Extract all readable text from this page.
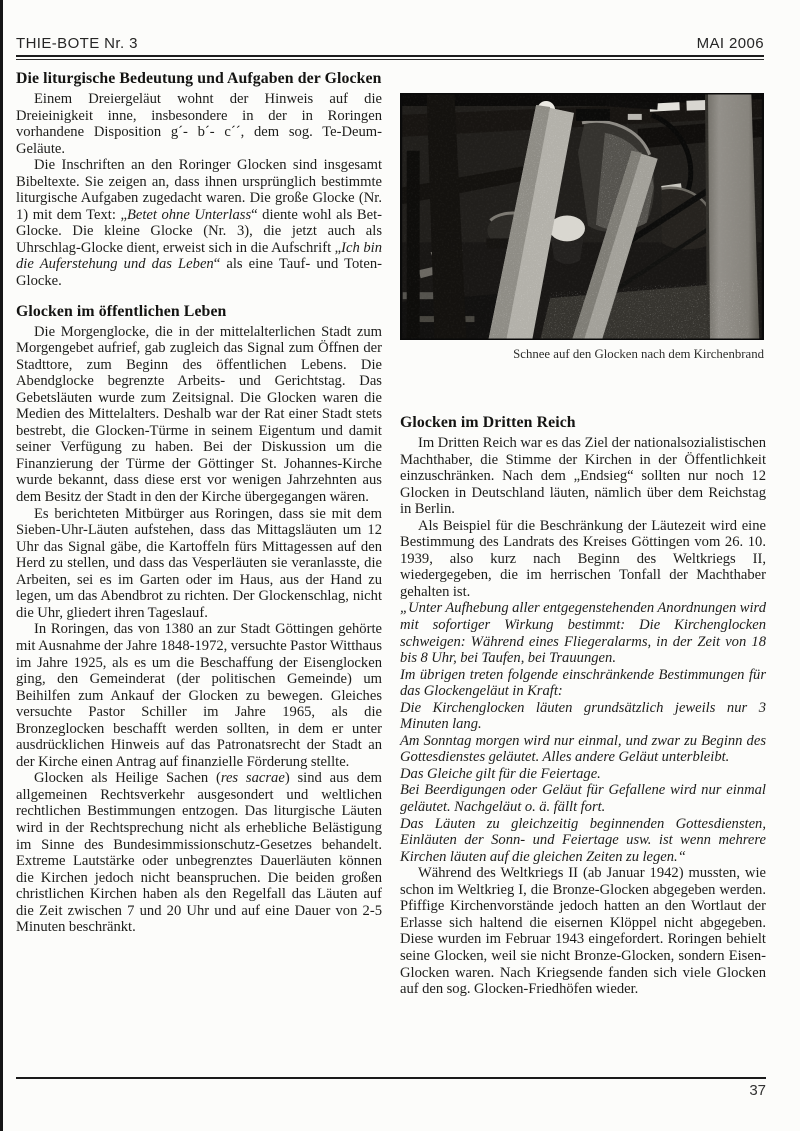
THIE-BOTE Nr. 3	MAI 2006
Die liturgische Bedeutung und Aufgaben der Glocken

Einem Dreiergeläut wohnt der Hinweis auf die Dreieinigkeit inne, insbesondere in der in Roringen vorhandene Disposition g´- b´- c´´, dem sog. Te-Deum-Geläute.

Die Inschriften an den Roringer Glocken sind insgesamt Bibeltexte. Sie zeigen an, dass ihnen ursprünglich bestimmte liturgische Aufgaben zugedacht waren. Die große Glocke (Nr. 1) mit dem Text: „Betet ohne Unterlass“ diente wohl als Bet-Glocke. Die kleine Glocke (Nr. 3), die jetzt auch als Uhrschlag-Glocke dient, erweist sich in die Aufschrift „Ich bin die Auferstehung und das Leben“ als eine Tauf- und Toten-Glocke.

Glocken im öffentlichen Leben

Die Morgenglocke, die in der mittelalterlichen Stadt zum Morgengebet aufrief, gab zugleich das Signal zum Öffnen der Stadttore, zum Beginn des öffentlichen Lebens. Die Abendglocke begrenzte Arbeits- und Gerichtstag. Das Gebetsläuten wurde zum Zeitsignal. Die Glocken waren die Medien des Mittelalters. Deshalb war der Rat einer Stadt stets bestrebt, die Glocken-Türme in seinem Eigentum und damit seiner Verfügung zu haben. Bei der Diskussion um die Finanzierung der Türme der Göttinger St. Johannes-Kirche wurde bekannt, dass diese erst vor wenigen Jahrzehnten aus dem Besitz der Stadt in den der Kirche übergegangen wären.

Es berichteten Mitbürger aus Roringen, dass sie mit dem Sieben-Uhr-Läuten aufstehen, dass das Mittagsläuten um 12 Uhr das Signal gäbe, die Kartoffeln fürs Mittagessen auf den Herd zu stellen, und dass das Vesperläuten sie veranlasste, die Arbeiten, sei es im Garten oder im Haus, aus der Hand zu legen, um das Abendbrot zu richten. Der Glockenschlag, nicht die Uhr, gliedert ihren Tageslauf.

In Roringen, das von 1380 an zur Stadt Göttingen gehörte mit Ausnahme der Jahre 1848-1972, versuchte Pastor Witthaus im Jahre 1925, als es um die Beschaffung der Eisenglocken ging, den Gemeinderat (der politischen Gemeinde) um Beihilfen zum Ankauf der Glocken zu bewegen. Gleiches versuchte Pastor Schiller im Jahre 1965, als die Bronzeglocken beschafft werden sollten, in dem er unter ausdrücklichen Hinweis auf das Patronatsrecht der Stadt an der Kirche einen Antrag auf finanzielle Förderung stellte.

Glocken als Heilige Sachen (res sacrae) sind aus dem allgemeinen Rechtsverkehr ausgesondert und weltlichen rechtlichen Bestimmungen entzogen. Das liturgische Läuten wird in der Rechtsprechung nicht als erhebliche Belästigung im Sinne des Bundesimmissionschutz-Gesetzes behandelt. Extreme Lautstärke oder unbegrenztes Dauerläuten können die Kirchen jedoch nicht beanspruchen. Die beiden großen christlichen Kirchen haben als den Regelfall das Läuten auf die Zeit zwischen 7 und 20 Uhr und auf eine Dauer von 2-5 Minuten beschränkt.

Schnee auf den Glocken nach dem Kirchenbrand
Glocken im Dritten Reich

Im Dritten Reich war es das Ziel der nationalsozialistischen Machthaber, die Stimme der Kirchen in der Öffentlichkeit einzuschränken. Nach dem „Endsieg“ sollten nur noch 12 Glocken in Deutschland läuten, nämlich über dem Reichstag in Berlin.

Als Beispiel für die Beschränkung der Läutezeit wird eine Bestimmung des Landrats des Kreises Göttingen vom 26. 10. 1939, also kurz nach Beginn des Weltkriegs II, wiedergegeben, die im herrischen Tonfall der Machthaber gehalten ist.

„Unter Aufhebung aller entgegenstehenden Anordnungen wird mit sofortiger Wirkung bestimmt: Die Kirchenglocken schweigen: Während eines Fliegeralarms, in der Zeit von 18 bis 8 Uhr, bei Taufen, bei Trauungen.

Im übrigen treten folgende einschränkende Bestimmungen für das Glockengeläut in Kraft:

Die Kirchenglocken läuten grundsätzlich jeweils nur 3 Minuten lang.

Am Sonntag morgen wird nur einmal, und zwar zu Beginn des Gottesdienstes geläutet. Alles andere Geläut unterbleibt.

Das Gleiche gilt für die Feiertage.

Bei Beerdigungen oder Geläut für Gefallene wird nur einmal geläutet. Nachgeläut o. ä. fällt fort.

Das Läuten zu gleichzeitig beginnenden Gottesdiensten, Einläuten der Sonn- und Feiertage usw. ist wenn mehrere Kirchen läuten auf die gleichen Zeiten zu legen.“

Während des Weltkriegs II (ab Januar 1942) mussten, wie schon im Weltkrieg I, die Bronze-Glocken abgegeben werden. Pfiffige Kirchenvorstände jedoch hatten an den Wortlaut der Erlasse sich haltend die eisernen Klöppel nicht abgegeben. Diese wurden im Februar 1943 eingefordert. Roringen behielt seine Glocken, weil sie nicht Bronze-Glocken, sondern Eisen-Glocken waren. Nach Kriegsende fanden sich viele Glocken auf den sog. Glocken-Friedhöfen wieder.

37
